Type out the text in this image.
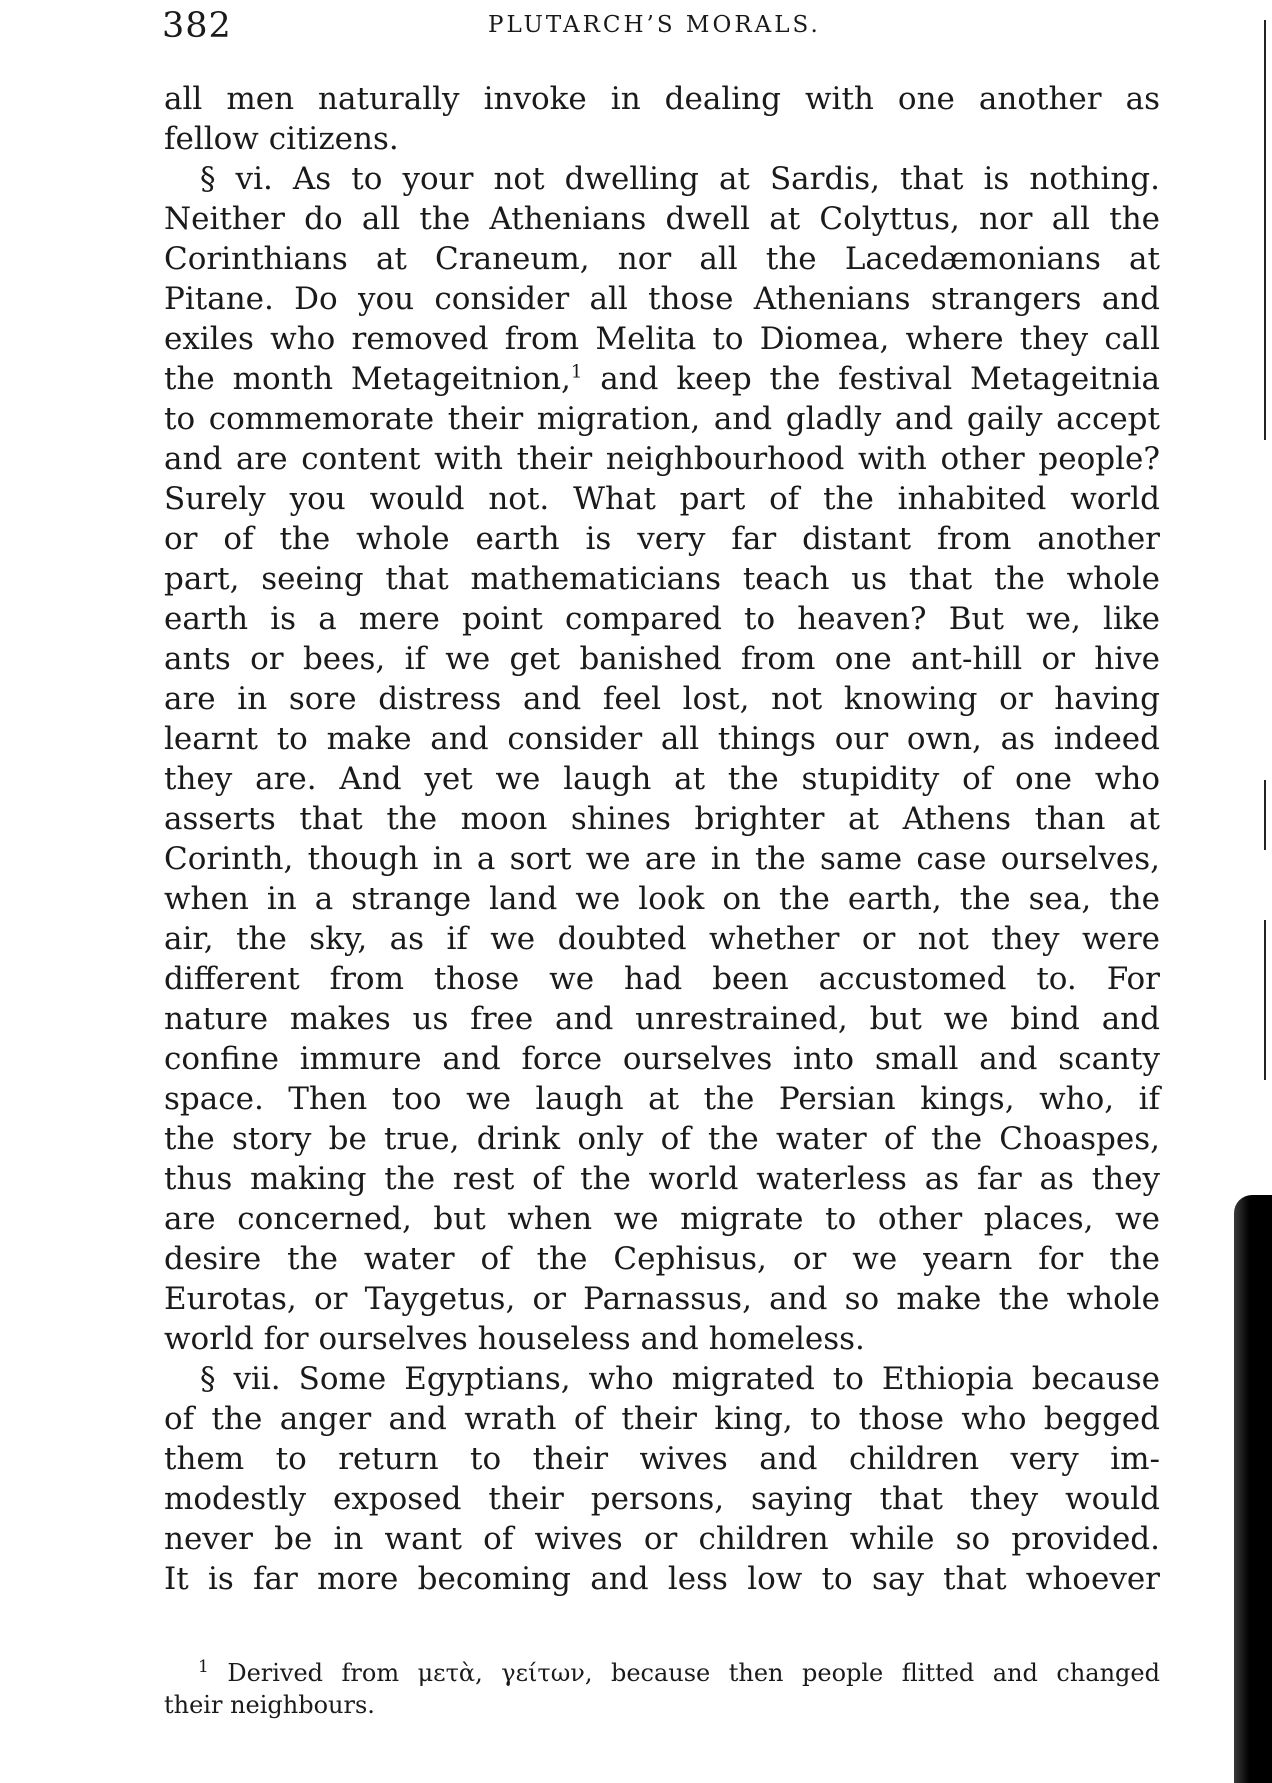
382	PLUTARCH’S MORALS.
all men naturally invoke in dealing with one another as
fellow citizens.
§ vi. As to your not dwelling at Sardis, that is nothing.
Neither do all the Athenians dwell at Colyttus, nor all the
Corinthians at Craneum, nor all the Lacedæmonians at
Pitane. Do you consider all those Athenians strangers and
exiles who removed from Melita to Diomea, where they call
the month Metageitnion,$^1$ and keep the festival Metageitnia
to commemorate their migration, and gladly and gaily accept
and are content with their neighbourhood with other people?
Surely you would not. What part of the inhabited world
or of the whole earth is very far distant from another
part, seeing that mathematicians teach us that the whole
earth is a mere point compared to heaven? But we, like
ants or bees, if we get banished from one ant-hill or hive
are in sore distress and feel lost, not knowing or having
learnt to make and consider all things our own, as indeed
they are. And yet we laugh at the stupidity of one who
asserts that the moon shines brighter at Athens than at
Corinth, though in a sort we are in the same case ourselves,
when in a strange land we look on the earth, the sea, the
air, the sky, as if we doubted whether or not they were
different from those we had been accustomed to. For
nature makes us free and unrestrained, but we bind and
confine immure and force ourselves into small and scanty
space. Then too we laugh at the Persian kings, who, if
the story be true, drink only of the water of the Choaspes,
thus making the rest of the world waterless as far as they
are concerned, but when we migrate to other places, we
desire the water of the Cephisus, or we yearn for the
Eurotas, or Taygetus, or Parnassus, and so make the whole
world for ourselves houseless and homeless.
§ vii. Some Egyptians, who migrated to Ethiopia because
of the anger and wrath of their king, to those who begged
them to return to their wives and children very im-
modestly exposed their persons, saying that they would
never be in want of wives or children while so provided.
It is far more becoming and less low to say that whoever
$^1$ Derived from μετὰ, γείτων, because then people flitted and changed
their neighbours.
